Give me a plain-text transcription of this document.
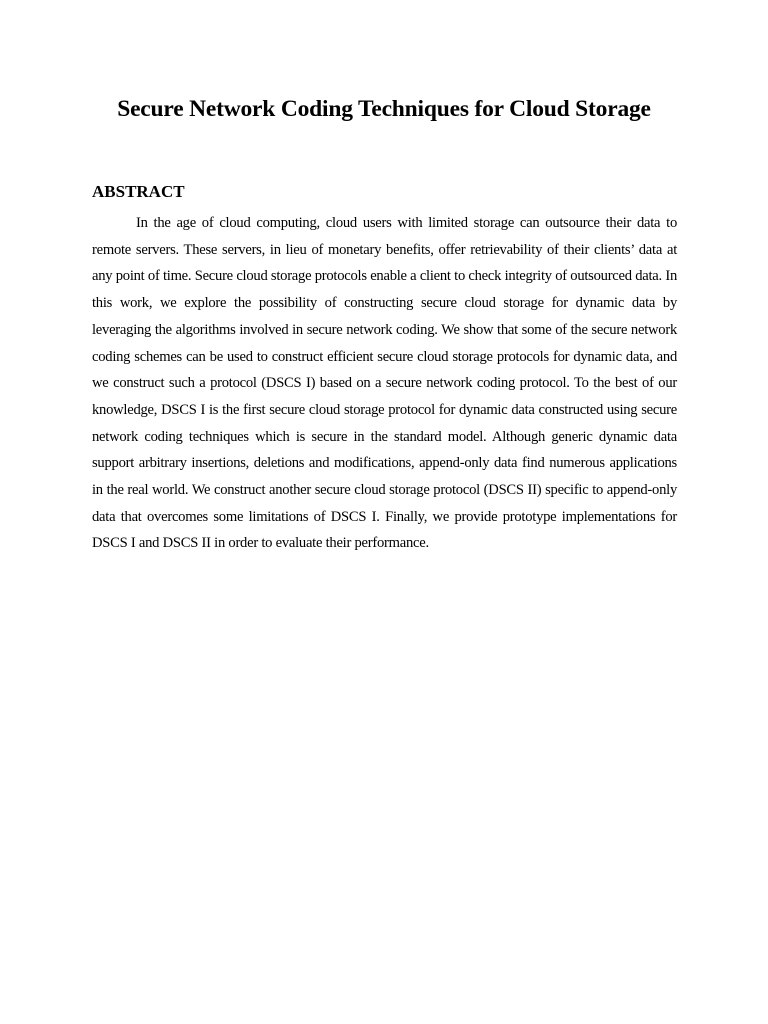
Secure Network Coding Techniques for Cloud Storage
ABSTRACT

In the age of cloud computing, cloud users with limited storage can outsource their data to remote servers. These servers, in lieu of monetary benefits, offer retrievability of their clients’ data at any point of time. Secure cloud storage protocols enable a client to check integrity of outsourced data. In this work, we explore the possibility of constructing secure cloud storage for dynamic data by leveraging the algorithms involved in secure network coding. We show that some of the secure network coding schemes can be used to construct efficient secure cloud storage protocols for dynamic data, and we construct such a protocol (DSCS I) based on a secure network coding protocol. To the best of our knowledge, DSCS I is the first secure cloud storage protocol for dynamic data constructed using secure network coding techniques which is secure in the standard model. Although generic dynamic data support arbitrary insertions, deletions and modifications, append-only data find numerous applications in the real world. We construct another secure cloud storage protocol (DSCS II) specific to append-only data that overcomes some limitations of DSCS I. Finally, we provide prototype implementations for DSCS I and DSCS II in order to evaluate their performance.
